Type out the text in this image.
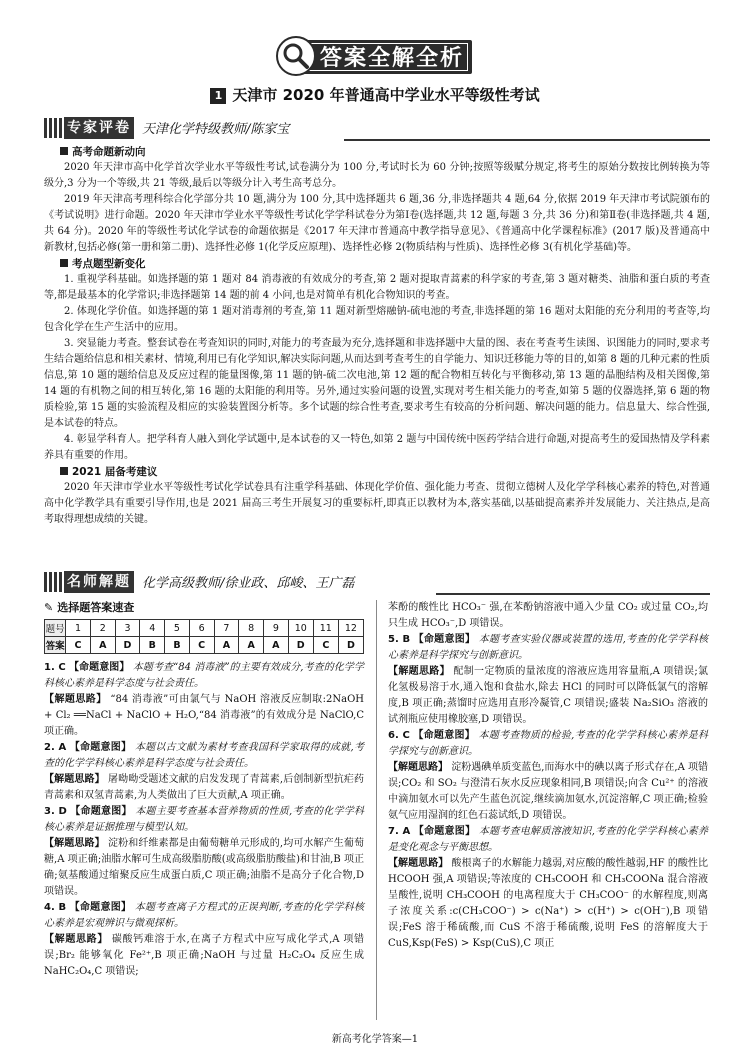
答案全解全析
1 天津市 2020 年普通高中学业水平等级性考试
专家评卷 天津化学特级教师/陈家宝
高考命题新动向
2020 年天津市高中化学首次学业水平等级性考试,试卷满分为 100 分,考试时长为 60 分钟;按照等级赋分规定,将考生的原始分数按比例转换为等级分,3 分为一个等级,共 21 等级,最后以等级分计入考生高考总分。
2019 年天津高考理科综合化学部分共 10 题,满分为 100 分,其中选择题共 6 题,36 分,非选择题共 4 题,64 分,依据 2019 年天津市考试院颁布的《考试说明》进行命题。2020 年天津市学业水平等级性考试化学学科试卷分为第Ⅰ卷(选择题,共 12 题,每题 3 分,共 36 分)和第Ⅱ卷(非选择题,共 4 题,共 64 分)。2020 年的等级性考试化学试卷的命题依据是《2017 年天津市普通高中教学指导意见》、《普通高中化学课程标准》(2017 版)及普通高中新教材,包括必修(第一册和第二册)、选择性必修 1(化学反应原理)、选择性必修 2(物质结构与性质)、选择性必修 3(有机化学基础)等。
考点题型新变化
1. 重视学科基础。如选择题的第 1 题对 84 消毒液的有效成分的考查,第 2 题对提取青蒿素的科学家的考查,第 3 题对糖类、油脂和蛋白质的考查等,都是最基本的化学常识;非选择题第 14 题的前 4 小问,也是对简单有机化合物知识的考查。
2. 体现化学价值。如选择题的第 1 题对消毒剂的考查,第 11 题对新型熔融钠-硫电池的考查,非选择题的第 16 题对太阳能的充分利用的考查等,均包含化学在生产生活中的应用。
3. 突显能力考查。整套试卷在考查知识的同时,对能力的考查最为充分,选择题和非选择题中大量的图、表在考查考生读图、识图能力的同时,要求考生结合题给信息和相关素材、情境,利用已有化学知识,解决实际问题,从而达到考查考生的自学能力、知识迁移能力等的目的,如第 8 题的几种元素的性质信息,第 10 题的题给信息及反应过程的能量图像,第 11 题的钠-硫二次电池,第 12 题的配合物相互转化与平衡移动,第 13 题的晶胞结构及相关图像,第 14 题的有机物之间的相互转化,第 16 题的太阳能的利用等。另外,通过实验问题的设置,实现对考生相关能力的考查,如第 5 题的仪器选择,第 6 题的物质检验,第 15 题的实验流程及相应的实验装置图分析等。多个试题的综合性考查,要求考生有较高的分析问题、解决问题的能力。信息量大、综合性强,是本试卷的特点。
4. 彰显学科育人。把学科育人融入到化学试题中,是本试卷的又一特色,如第 2 题与中国传统中医药学结合进行命题,对提高考生的爱国热情及学科素养具有重要的作用。
2021 届备考建议
2020 年天津市学业水平等级性考试化学试卷具有注重学科基础、体现化学价值、强化能力考查、贯彻立德树人及化学学科核心素养的特色,对普通高中化学教学具有重要引导作用,也是 2021 届高三考生开展复习的重要标杆,即真正以教材为本,落实基础,以基础提高素养并发展能力、关注热点,是高考取得理想成绩的关键。
名师解题 化学高级教师/徐业政、邱峻、王广磊
✎ 选择题答案速查
题号	1	2	3	4	5	6	7	8	9	10	11	12
答案	C	A	D	B	B	C	A	A	A	D	C	D
1. C 【命题意图】 本题考查“84 消毒液”的主要有效成分,考查的化学学科核心素养是科学态度与社会责任。
【解题思路】 “84 消毒液”可由氯气与 NaOH 溶液反应制取:2NaOH + Cl₂ ══NaCl + NaClO + H₂O,“84 消毒液”的有效成分是 NaClO,C 项正确。
2. A 【命题意图】 本题以古文献为素材考查我国科学家取得的成就,考查的化学学科核心素养是科学态度与社会责任。
【解题思路】 屠呦呦受题述文献的启发发现了青蒿素,后创制新型抗疟药青蒿素和双氢青蒿素,为人类做出了巨大贡献,A 项正确。
3. D 【命题意图】 本题主要考查基本营养物质的性质,考查的化学学科核心素养是证据推理与模型认知。
【解题思路】 淀粉和纤维素都是由葡萄糖单元形成的,均可水解产生葡萄糖,A 项正确;油脂水解可生成高级脂肪酸(或高级脂肪酸盐)和甘油,B 项正确;氨基酸通过缩聚反应生成蛋白质,C 项正确;油脂不是高分子化合物,D 项错误。
4. B 【命题意图】 本题考查离子方程式的正误判断,考查的化学学科核心素养是宏观辨识与微观探析。
【解题思路】 碳酸钙难溶于水,在离子方程式中应写成化学式,A 项错误;Br₂ 能够氧化 Fe²⁺,B 项正确;NaOH 与过量 H₂C₂O₄ 反应生成 NaHC₂O₄,C 项错误;
苯酚的酸性比 HCO₃⁻ 强,在苯酚钠溶液中通入少量 CO₂ 或过量 CO₂,均只生成 HCO₃⁻,D 项错误。
5. B 【命题意图】 本题考查实验仪器或装置的选用,考查的化学学科核心素养是科学探究与创新意识。
【解题思路】 配制一定物质的量浓度的溶液应选用容量瓶,A 项错误;氯化氢极易溶于水,通入饱和食盐水,除去 HCl 的同时可以降低氯气的溶解度,B 项正确;蒸馏时应选用直形冷凝管,C 项错误;盛装 Na₂SiO₃ 溶液的试剂瓶应使用橡胶塞,D 项错误。
6. C 【命题意图】 本题考查物质的检验,考查的化学学科核心素养是科学探究与创新意识。
【解题思路】 淀粉遇碘单质变蓝色,而海水中的碘以离子形式存在,A 项错误;CO₂ 和 SO₂ 与澄清石灰水反应现象相同,B 项错误;向含 Cu²⁺ 的溶液中滴加氨水可以先产生蓝色沉淀,继续滴加氨水,沉淀溶解,C 项正确;检验氨气应用湿润的红色石蕊试纸,D 项错误。
7. A 【命题意图】 本题考查电解质溶液知识,考查的化学学科核心素养是变化观念与平衡思想。
【解题思路】 酸根离子的水解能力越弱,对应酸的酸性越弱,HF 的酸性比 HCOOH 强,A 项错误;等浓度的 CH₃COOH 和 CH₃COONa 混合溶液呈酸性,说明 CH₃COOH 的电离程度大于 CH₃COO⁻ 的水解程度,则离子浓度关系:c(CH₃COO⁻) > c(Na⁺) > c(H⁺) > c(OH⁻),B 项错误;FeS 溶于稀硫酸,而 CuS 不溶于稀硫酸,说明 FeS 的溶解度大于 CuS,Ksp(FeS) > Ksp(CuS),C 项正
新高考化学答案—1
